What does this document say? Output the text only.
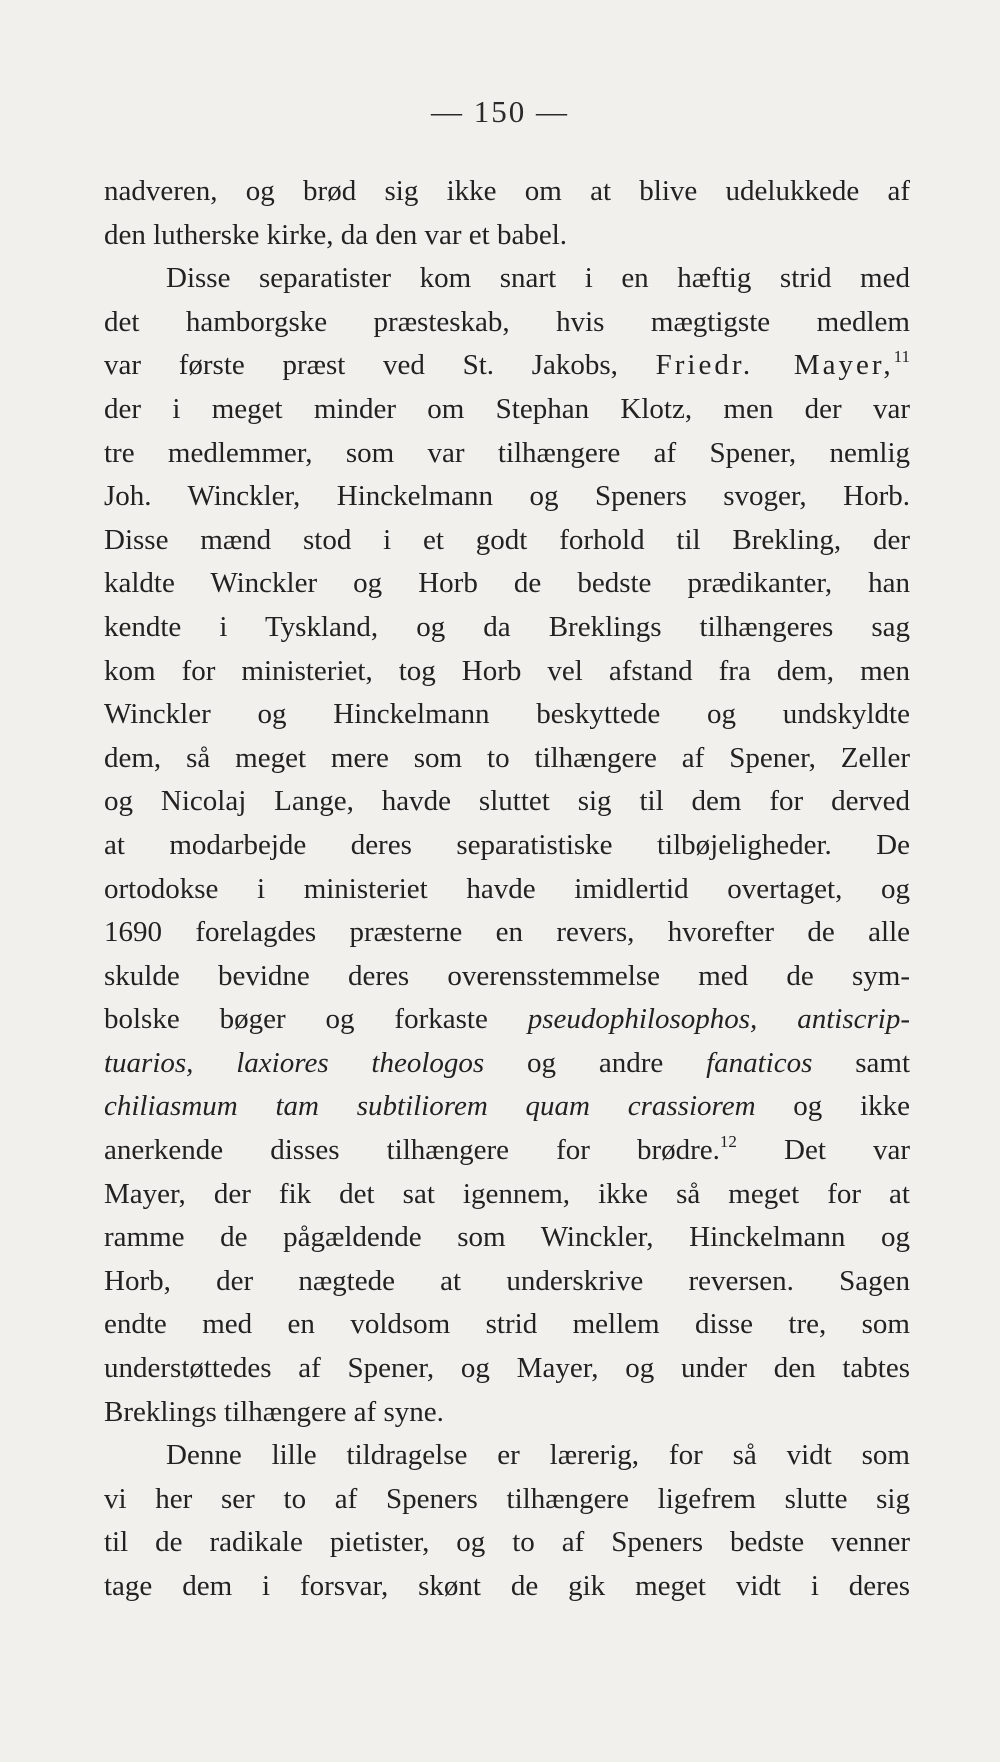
— 150 —
nadveren, og brød sig ikke om at blive udelukkede af
den lutherske kirke, da den var et babel.
Disse separatister kom snart i en hæftig strid med
det hamborgske præsteskab, hvis mægtigste medlem
var første præst ved St. Jakobs, Friedr. Mayer,$^{11}$
der i meget minder om Stephan Klotz, men der var
tre medlemmer, som var tilhængere af Spener, nemlig
Joh. Winckler, Hinckelmann og Speners svoger, Horb.
Disse mænd stod i et godt forhold til Brekling, der
kaldte Winckler og Horb de bedste prædikanter, han
kendte i Tyskland, og da Breklings tilhængeres sag
kom for ministeriet, tog Horb vel afstand fra dem, men
Winckler og Hinckelmann beskyttede og undskyldte
dem, så meget mere som to tilhængere af Spener, Zeller
og Nicolaj Lange, havde sluttet sig til dem for derved
at modarbejde deres separatistiske tilbøjeligheder. De
ortodokse i ministeriet havde imidlertid overtaget, og
1690 forelagdes præsterne en revers, hvorefter de alle
skulde bevidne deres overensstemmelse med de sym-
bolske bøger og forkaste pseudophilosophos, antiscrip-
tuarios, laxiores theologos og andre fanaticos samt
chiliasmum tam subtiliorem quam crassiorem og ikke
anerkende disses tilhængere for brødre.$^{12}$ Det var
Mayer, der fik det sat igennem, ikke så meget for at
ramme de pågældende som Winckler, Hinckelmann og
Horb, der nægtede at underskrive reversen. Sagen
endte med en voldsom strid mellem disse tre, som
understøttedes af Spener, og Mayer, og under den tabtes
Breklings tilhængere af syne.
Denne lille tildragelse er lærerig, for så vidt som
vi her ser to af Speners tilhængere ligefrem slutte sig
til de radikale pietister, og to af Speners bedste venner
tage dem i forsvar, skønt de gik meget vidt i deres
